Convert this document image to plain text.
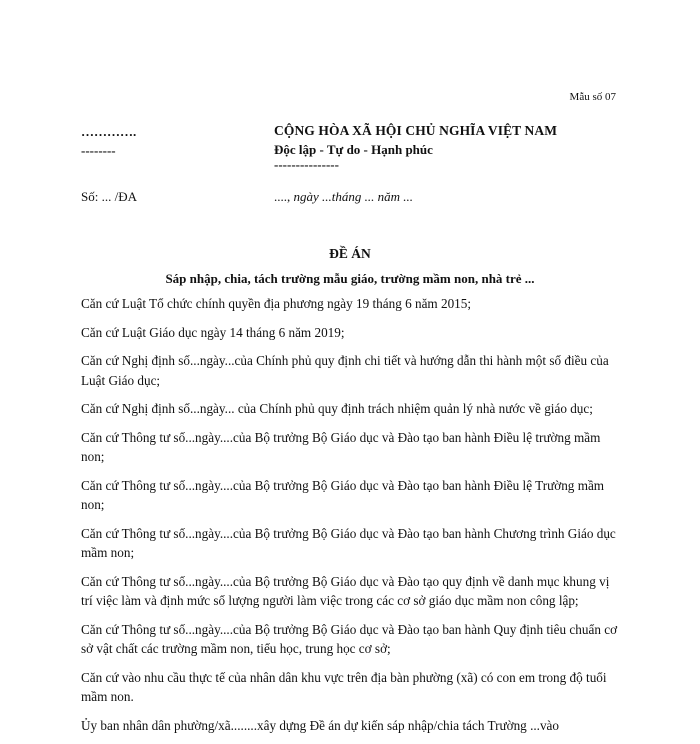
Mẫu số 07
………….
--------
CỘNG HÒA XÃ HỘI CHỦ NGHĨA VIỆT NAM
Độc lập - Tự do - Hạnh phúc
---------------
Số: ... /ĐA	...., ngày ...tháng ... năm ...
ĐỀ ÁN
Sáp nhập, chia, tách trường mẫu giáo, trường mầm non, nhà trẻ ...

Căn cứ Luật Tổ chức chính quyền địa phương ngày 19 tháng 6 năm 2015;

Căn cứ Luật Giáo dục ngày 14 tháng 6 năm 2019;

Căn cứ Nghị định số...ngày...của Chính phủ quy định chi tiết và hướng dẫn thi hành một số điều của Luật Giáo dục;

Căn cứ Nghị định số...ngày... của Chính phủ quy định trách nhiệm quản lý nhà nước về giáo dục;

Căn cứ Thông tư số...ngày....của Bộ trưởng Bộ Giáo dục và Đào tạo ban hành Điều lệ trường mầm non;

Căn cứ Thông tư số...ngày....của Bộ trưởng Bộ Giáo dục và Đào tạo ban hành Điều lệ Trường mầm non;

Căn cứ Thông tư số...ngày....của Bộ trưởng Bộ Giáo dục và Đào tạo ban hành Chương trình Giáo dục mầm non;

Căn cứ Thông tư số...ngày....của Bộ trưởng Bộ Giáo dục và Đào tạo quy định về danh mục khung vị trí việc làm và định mức số lượng người làm việc trong các cơ sở giáo dục mầm non công lập;

Căn cứ Thông tư số...ngày....của Bộ trưởng Bộ Giáo dục và Đào tạo ban hành Quy định tiêu chuẩn cơ sở vật chất các trường mầm non, tiểu học, trung học cơ sở;

Căn cứ vào nhu cầu thực tế của nhân dân khu vực trên địa bàn phường (xã) có con em trong độ tuổi mầm non.

Ủy ban nhân dân phường/xã........xây dựng Đề án dự kiến sáp nhập/chia tách Trường ...vào
